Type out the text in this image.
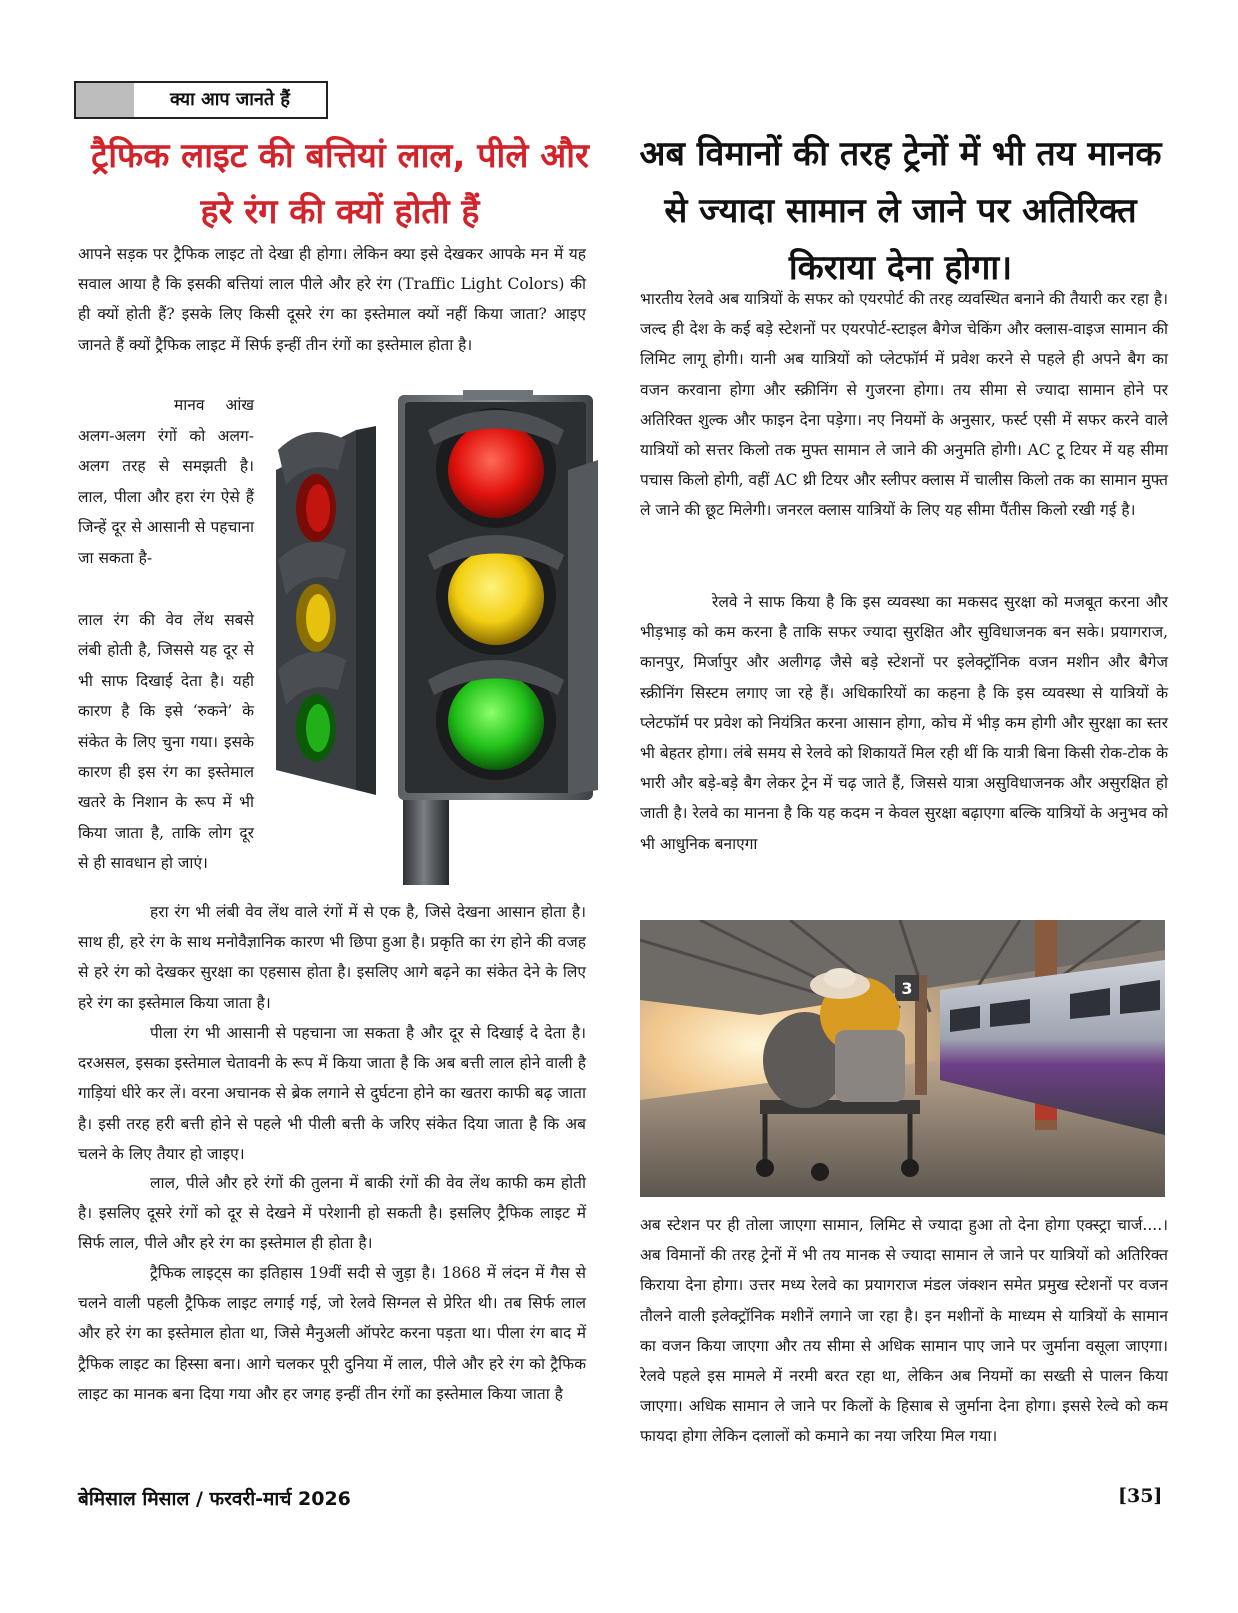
क्या आप जानते हैं
ट्रैफिक लाइट की बत्तियां लाल, पीले और हरे रंग की क्यों होती हैं

आपने सड़क पर ट्रैफिक लाइट तो देखा ही होगा। लेकिन क्या इसे देखकर आपके मन में यह सवाल आया है कि इसकी बत्तियां लाल पीले और हरे रंग (Traffic Light Colors) की ही क्यों होती हैं? इसके लिए किसी दूसरे रंग का इस्तेमाल क्यों नहीं किया जाता? आइए जानते हैं क्यों ट्रैफिक लाइट में सिर्फ इन्हीं तीन रंगों का इस्तेमाल होता है।

मानव आंख अलग-अलग रंगों को अलग-अलग तरह से समझती है। लाल, पीला और हरा रंग ऐसे हैं जिन्हें दूर से आसानी से पहचाना जा सकता है-

लाल रंग की वेव लेंथ सबसे लंबी होती है, जिससे यह दूर से भी साफ दिखाई देता है। यही कारण है कि इसे ‘रुकने’ के संकेत के लिए चुना गया। इसके कारण ही इस रंग का इस्तेमाल खतरे के निशान के रूप में भी किया जाता है, ताकि लोग दूर से ही सावधान हो जाएं।

हरा रंग भी लंबी वेव लेंथ वाले रंगों में से एक है, जिसे देखना आसान होता है। साथ ही, हरे रंग के साथ मनोवैज्ञानिक कारण भी छिपा हुआ है। प्रकृति का रंग होने की वजह से हरे रंग को देखकर सुरक्षा का एहसास होता है। इसलिए आगे बढ़ने का संकेत देने के लिए हरे रंग का इस्तेमाल किया जाता है।

पीला रंग भी आसानी से पहचाना जा सकता है और दूर से दिखाई दे देता है। दरअसल, इसका इस्तेमाल चेतावनी के रूप में किया जाता है कि अब बत्ती लाल होने वाली है गाड़ियां धीरे कर लें। वरना अचानक से ब्रेक लगाने से दुर्घटना होने का खतरा काफी बढ़ जाता है। इसी तरह हरी बत्ती होने से पहले भी पीली बत्ती के जरिए संकेत दिया जाता है कि अब चलने के लिए तैयार हो जाइए।

लाल, पीले और हरे रंगों की तुलना में बाकी रंगों की वेव लेंथ काफी कम होती है। इसलिए दूसरे रंगों को दूर से देखने में परेशानी हो सकती है। इसलिए ट्रैफिक लाइट में सिर्फ लाल, पीले और हरे रंग का इस्तेमाल ही होता है।

ट्रैफिक लाइट्स का इतिहास 19वीं सदी से जुड़ा है। 1868 में लंदन में गैस से चलने वाली पहली ट्रैफिक लाइट लगाई गई, जो रेलवे सिग्नल से प्रेरित थी। तब सिर्फ लाल और हरे रंग का इस्तेमाल होता था, जिसे मैनुअली ऑपरेट करना पड़ता था। पीला रंग बाद में ट्रैफिक लाइट का हिस्सा बना। आगे चलकर पूरी दुनिया में लाल, पीले और हरे रंग को ट्रैफिक लाइट का मानक बना दिया गया और हर जगह इन्हीं तीन रंगों का इस्तेमाल किया जाता है

अब विमानों की तरह ट्रेनों में भी तय मानक से ज्यादा सामान ले जाने पर अतिरिक्त किराया देना होगा।

भारतीय रेलवे अब यात्रियों के सफर को एयरपोर्ट की तरह व्यवस्थित बनाने की तैयारी कर रहा है। जल्द ही देश के कई बड़े स्टेशनों पर एयरपोर्ट-स्टाइल बैगेज चेकिंग और क्लास-वाइज सामान की लिमिट लागू होगी। यानी अब यात्रियों को प्लेटफॉर्म में प्रवेश करने से पहले ही अपने बैग का वजन करवाना होगा और स्क्रीनिंग से गुजरना होगा। तय सीमा से ज्यादा सामान होने पर अतिरिक्त शुल्क और फाइन देना पड़ेगा। नए नियमों के अनुसार, फर्स्ट एसी में सफर करने वाले यात्रियों को सत्तर किलो तक मुफ्त सामान ले जाने की अनुमति होगी। AC टू टियर में यह सीमा पचास किलो होगी, वहीं AC थ्री टियर और स्लीपर क्लास में चालीस किलो तक का सामान मुफ्त ले जाने की छूट मिलेगी। जनरल क्लास यात्रियों के लिए यह सीमा पैंतीस किलो रखी गई है।

रेलवे ने साफ किया है कि इस व्यवस्था का मकसद सुरक्षा को मजबूत करना और भीड़भाड़ को कम करना है ताकि सफर ज्यादा सुरक्षित और सुविधाजनक बन सके। प्रयागराज, कानपुर, मिर्जापुर और अलीगढ़ जैसे बड़े स्टेशनों पर इलेक्ट्रॉनिक वजन मशीन और बैगेज स्क्रीनिंग सिस्टम लगाए जा रहे हैं। अधिकारियों का कहना है कि इस व्यवस्था से यात्रियों के प्लेटफॉर्म पर प्रवेश को नियंत्रित करना आसान होगा, कोच में भीड़ कम होगी और सुरक्षा का स्तर भी बेहतर होगा। लंबे समय से रेलवे को शिकायतें मिल रही थीं कि यात्री बिना किसी रोक-टोक के भारी और बड़े-बड़े बैग लेकर ट्रेन में चढ़ जाते हैं, जिससे यात्रा असुविधाजनक और असुरक्षित हो जाती है। रेलवे का मानना है कि यह कदम न केवल सुरक्षा बढ़ाएगा बल्कि यात्रियों के अनुभव को भी आधुनिक बनाएगा

3

अब स्टेशन पर ही तोला जाएगा सामान, लिमिट से ज्यादा हुआ तो देना होगा एक्स्ट्रा चार्ज....। अब विमानों की तरह ट्रेनों में भी तय मानक से ज्यादा सामान ले जाने पर यात्रियों को अतिरिक्त किराया देना होगा। उत्तर मध्य रेलवे का प्रयागराज मंडल जंक्शन समेत प्रमुख स्टेशनों पर वजन तौलने वाली इलेक्ट्रॉनिक मशीनें लगाने जा रहा है। इन मशीनों के माध्यम से यात्रियों के सामान का वजन किया जाएगा और तय सीमा से अधिक सामान पाए जाने पर जुर्माना वसूला जाएगा। रेलवे पहले इस मामले में नरमी बरत रहा था, लेकिन अब नियमों का सख्ती से पालन किया जाएगा। अधिक सामान ले जाने पर किलों के हिसाब से जुर्माना देना होगा। इससे रेल्वे को कम फायदा होगा लेकिन दलालों को कमाने का नया जरिया मिल गया।

बेमिसाल मिसाल / फरवरी-मार्च 2026	[35]
